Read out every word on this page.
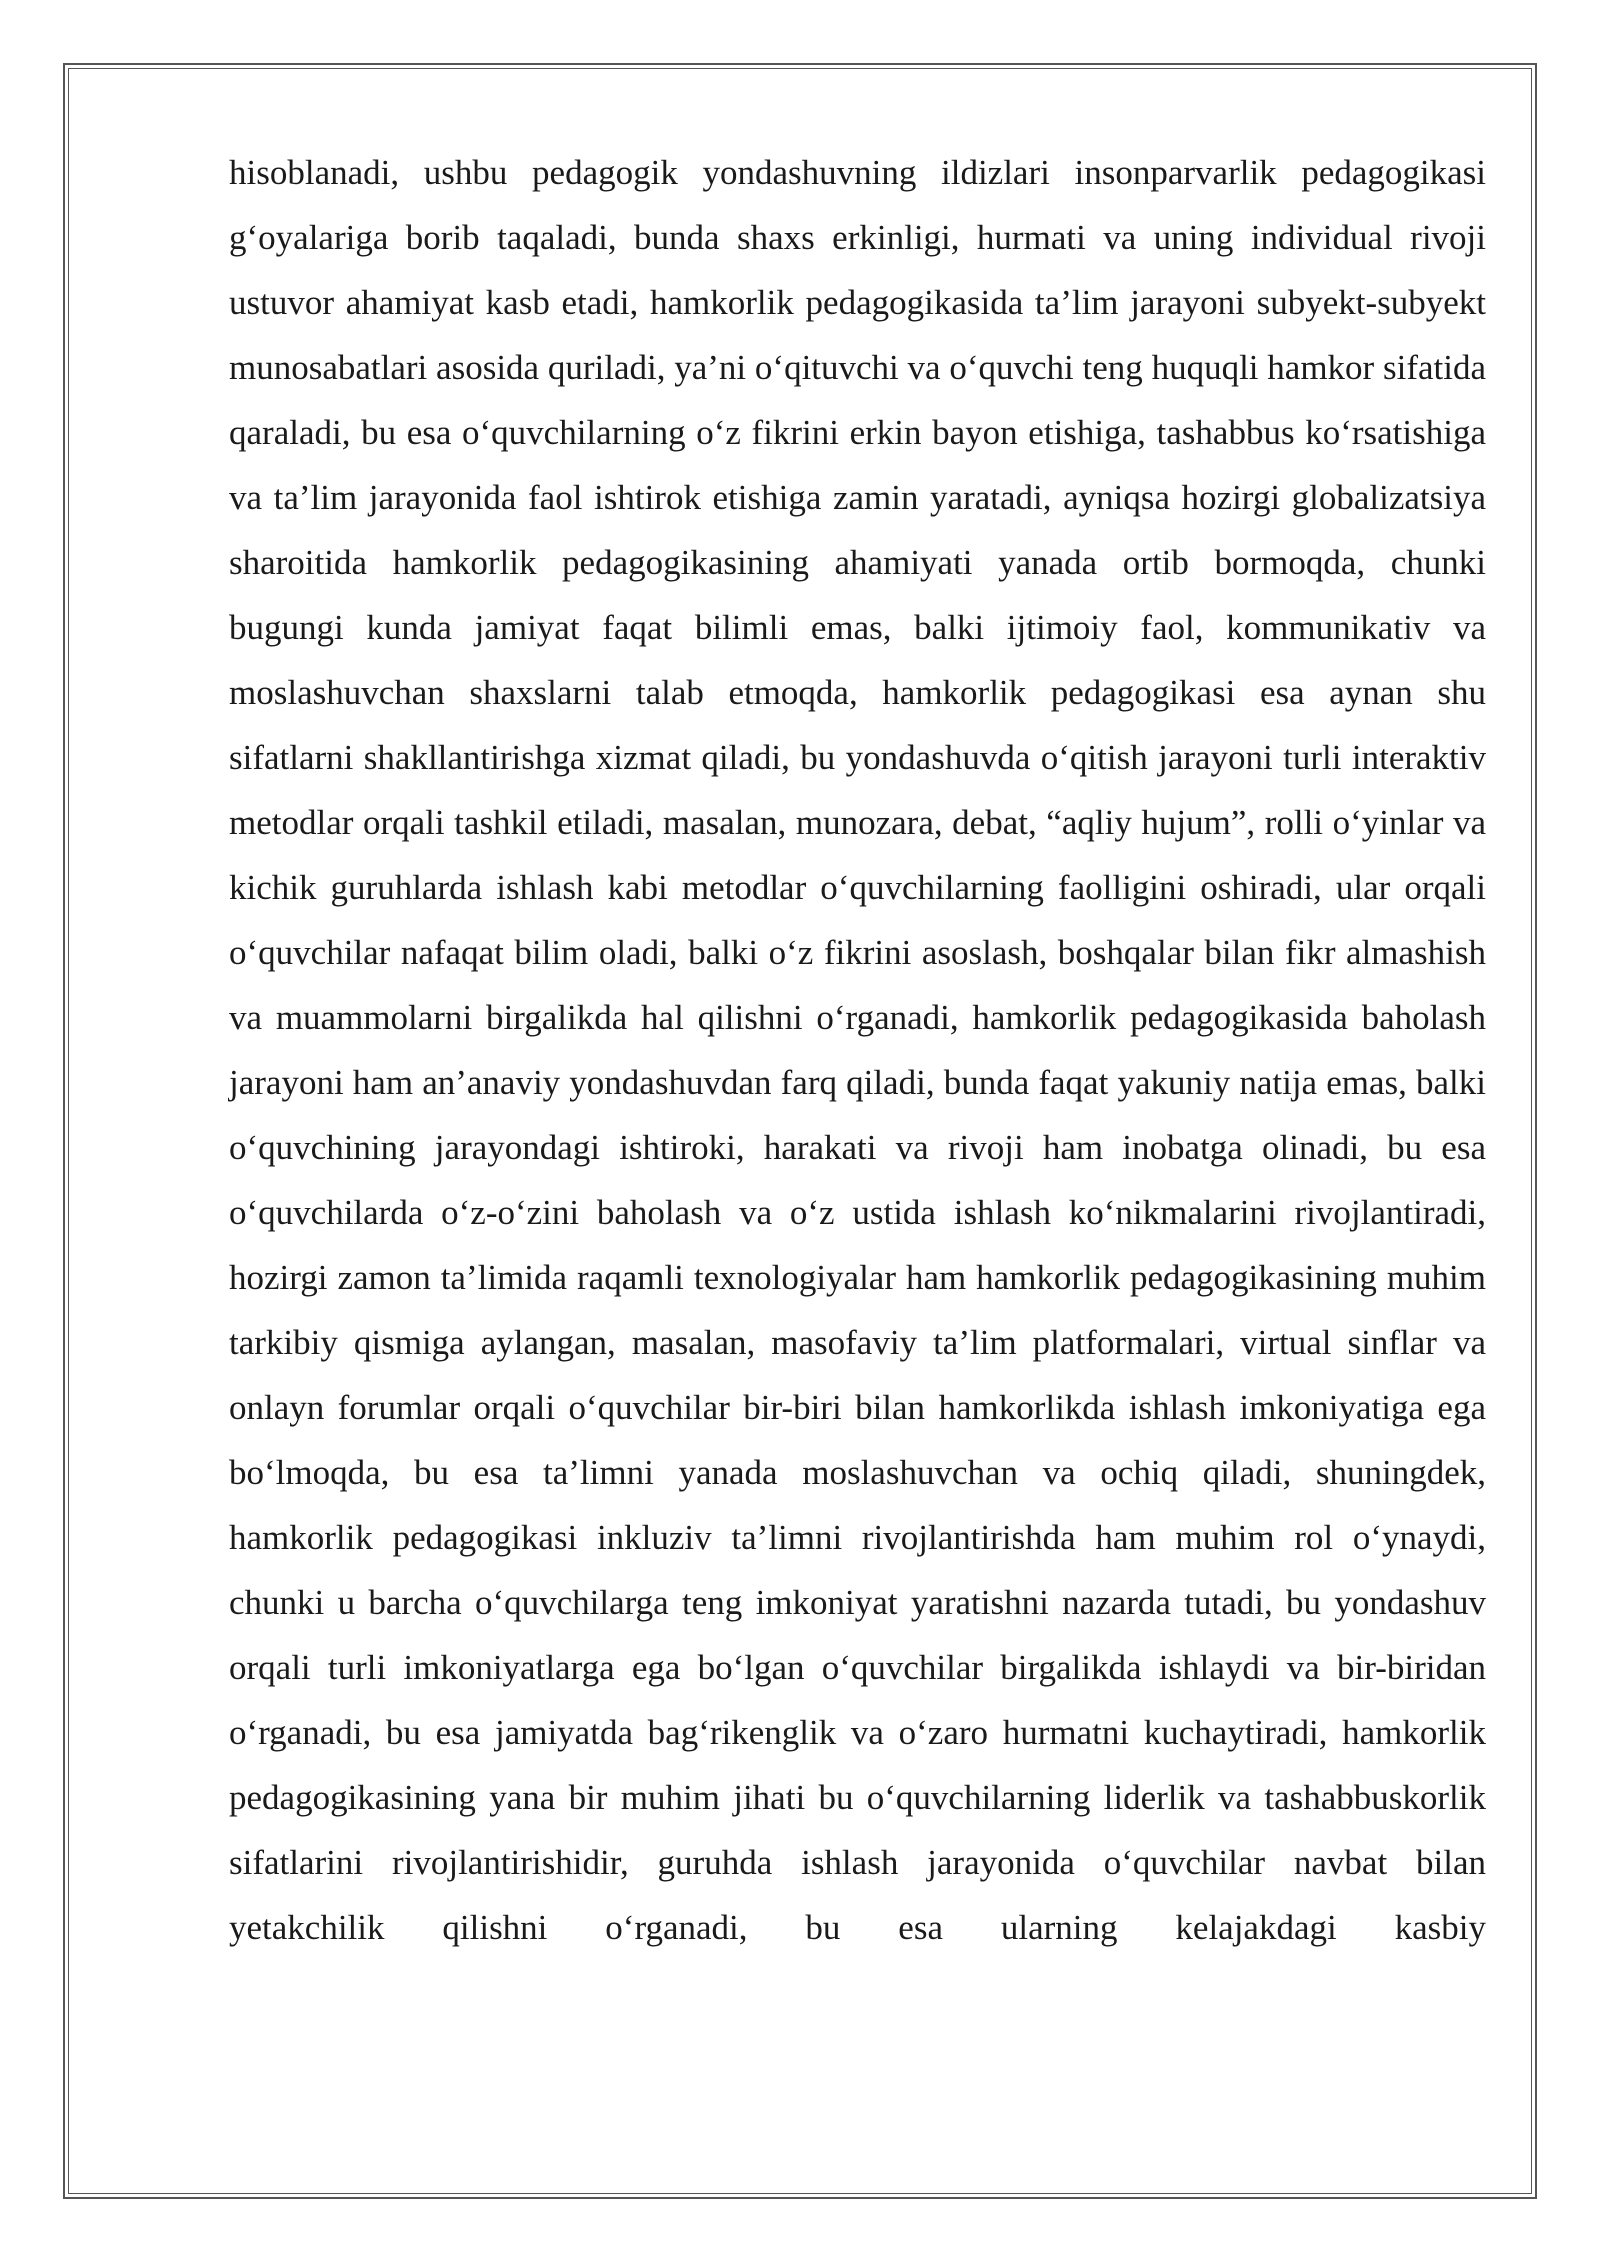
hisoblanadi, ushbu pedagogik yondashuvning ildizlari insonparvarlik pedagogikasi g‘oyalariga borib taqaladi, bunda shaxs erkinligi, hurmati va uning individual rivoji ustuvor ahamiyat kasb etadi, hamkorlik pedagogikasida ta’lim jarayoni subyekt-subyekt munosabatlari asosida quriladi, ya’ni o‘qituvchi va o‘quvchi teng huquqli hamkor sifatida qaraladi, bu esa o‘quvchilarning o‘z fikrini erkin bayon etishiga, tashabbus ko‘rsatishiga va ta’lim jarayonida faol ishtirok etishiga zamin yaratadi, ayniqsa hozirgi globalizatsiya sharoitida hamkorlik pedagogikasining ahamiyati yanada ortib bormoqda, chunki bugungi kunda jamiyat faqat bilimli emas, balki ijtimoiy faol, kommunikativ va moslashuvchan shaxslarni talab etmoqda, hamkorlik pedagogikasi esa aynan shu sifatlarni shakllantirishga xizmat qiladi, bu yondashuvda o‘qitish jarayoni turli interaktiv metodlar orqali tashkil etiladi, masalan, munozara, debat, “aqliy hujum”, rolli o‘yinlar va kichik guruhlarda ishlash kabi metodlar o‘quvchilarning faolligini oshiradi, ular orqali o‘quvchilar nafaqat bilim oladi, balki o‘z fikrini asoslash, boshqalar bilan fikr almashish va muammolarni birgalikda hal qilishni o‘rganadi, hamkorlik pedagogikasida baholash jarayoni ham an’anaviy yondashuvdan farq qiladi, bunda faqat yakuniy natija emas, balki o‘quvchining jarayondagi ishtiroki, harakati va rivoji ham inobatga olinadi, bu esa o‘quvchilarda o‘z-o‘zini baholash va o‘z ustida ishlash ko‘nikmalarini rivojlantiradi, hozirgi zamon ta’limida raqamli texnologiyalar ham hamkorlik pedagogikasining muhim tarkibiy qismiga aylangan, masalan, masofaviy ta’lim platformalari, virtual sinflar va onlayn forumlar orqali o‘quvchilar bir-biri bilan hamkorlikda ishlash imkoniyatiga ega bo‘lmoqda, bu esa ta’limni yanada moslashuvchan va ochiq qiladi, shuningdek, hamkorlik pedagogikasi inkluziv ta’limni rivojlantirishda ham muhim rol o‘ynaydi, chunki u barcha o‘quvchilarga teng imkoniyat yaratishni nazarda tutadi, bu yondashuv orqali turli imkoniyatlarga ega bo‘lgan o‘quvchilar birgalikda ishlaydi va bir-biridan o‘rganadi, bu esa jamiyatda bag‘rikenglik va o‘zaro hurmatni kuchaytiradi, hamkorlik pedagogikasining yana bir muhim jihati bu o‘quvchilarning liderlik va tashabbuskorlik sifatlarini rivojlantirishidir, guruhda ishlash jarayonida o‘quvchilar navbat bilan yetakchilik qilishni o‘rganadi, bu esa ularning kelajakdagi kasbiy
